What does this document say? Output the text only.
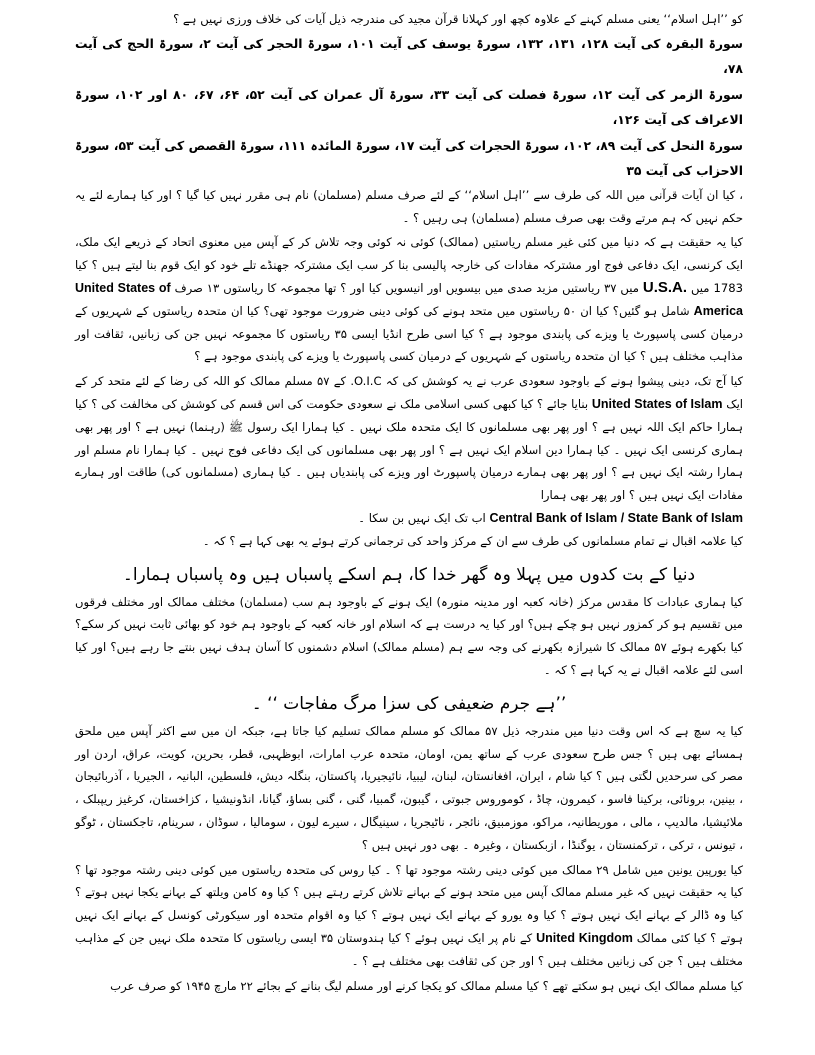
کو ’’اہل اسلام‘‘ یعنی مسلم کہنے کے علاوہ کچھ اور کہلانا قرآن مجید کی مندرجہ ذیل آیات کی خلاف ورزی نہیں ہے ؟

سورۃ البقرہ کی آیت ۱۲۸، ۱۳۱، ۱۳۲، سورۃ یوسف کی آیت ۱۰۱، سورۃ الحجر کی آیت ۲، سورۃ الحج کی آیت ۷۸،

سورۃ الزمر کی آیت ۱۲، سورۃ فصلت کی آیت ۳۳، سورۃ آل عمران کی آیت ۵۲، ۶۴، ۶۷، ۸۰ اور ۱۰۲، سورۃ الاعراف کی آیت ۱۲۶،

سورۃ النحل کی آیت ۸۹، ۱۰۲، سورۃ الحجرات کی آیت ۱۷، سورۃ المائدہ ۱۱۱، سورۃ القصص کی آیت ۵۳، سورۃ الاحزاب کی آیت ۳۵

، کیا ان آیات قرآنی میں اللہ کی طرف سے ’’اہل اسلام‘‘ کے لئے صرف مسلم (مسلمان) نام ہی مقرر نہیں کیا گیا ؟ اور کیا ہمارے لئے یہ حکم نہیں کہ ہم مرتے وقت بھی صرف مسلم (مسلمان) ہی رہیں ؟ ۔

کیا یہ حقیقت ہے کہ دنیا میں کئی غیر مسلم ریاستیں (ممالک) کوئی نہ کوئی وجہ تلاش کر کے آپس میں معنوی اتحاد کے ذریعے ایک ملک، ایک کرنسی، ایک دفاعی فوج اور مشترکہ مفادات کی خارجہ پالیسی بنا کر سب ایک مشترکہ جھنڈے تلے خود کو ایک قوم بنا لیتے ہیں ؟ کیا 1783 میں U.S.A. میں ۳۷ ریاستیں مزید صدی میں بیسویں اور انیسویں کیا اور ؟ تھا مجموعہ کا ریاستوں ۱۳ صرف United States of America شامل ہو گئیں؟ کیا ان ۵۰ ریاستوں میں متحد ہونے کی کوئی دینی ضرورت موجود تھی؟ کیا ان متحدہ ریاستوں کے شہریوں کے درمیان کسی پاسپورٹ یا ویزے کی پابندی موجود ہے ؟ کیا اسی طرح انڈیا ایسی ۳۵ ریاستوں کا مجموعہ نہیں جن کی زبانیں، ثقافت اور مذاہب مختلف ہیں ؟ کیا ان متحدہ ریاستوں کے شہریوں کے درمیان کسی پاسپورٹ یا ویزے کی پابندی موجود ہے ؟

کیا آج تک، دینی پیشوا ہونے کے باوجود سعودی عرب نے یہ کوشش کی کہ O.I.C. کے ۵۷ مسلم ممالک کو اللہ کی رضا کے لئے متحد کر کے ایک United States of Islam بنایا جائے ؟ کیا کبھی کسی اسلامی ملک نے سعودی حکومت کی اس قسم کی کوشش کی مخالفت کی ؟ کیا ہمارا حاکم ایک اللہ نہیں ہے ؟ اور پھر بھی مسلمانوں کا ایک متحدہ ملک نہیں ۔ کیا ہمارا ایک رسول ﷺ (رہنما) نہیں ہے ؟ اور پھر بھی ہماری کرنسی ایک نہیں ۔ کیا ہمارا دین اسلام ایک نہیں ہے ؟ اور پھر بھی مسلمانوں کی ایک دفاعی فوج نہیں ۔ کیا ہمارا نام مسلم اور ہمارا رشتہ ایک نہیں ہے ؟ اور پھر بھی ہمارے درمیان پاسپورٹ اور ویزے کی پابندیاں ہیں ۔ کیا ہماری (مسلمانوں کی) طاقت اور ہمارے مفادات ایک نہیں ہیں ؟ اور پھر بھی ہمارا

Central Bank of Islam / State Bank of Islam اب تک ایک نہیں بن سکا ۔

کیا علامہ اقبال نے تمام مسلمانوں کی طرف سے ان کے مرکز واحد کی ترجمانی کرتے ہوئے یہ بھی کہا ہے ؟ کہ ۔

دنیا کے بت کدوں میں پہلا وہ گھر خدا کا، ہم اسکے پاسباں ہیں وہ پاسباں ہمارا۔

کیا ہماری عبادات کا مقدس مرکز (خانہ کعبہ اور مدینہ منورہ) ایک ہونے کے باوجود ہم سب (مسلمان) مختلف ممالک اور مختلف فرقوں میں تقسیم ہو کر کمزور نہیں ہو چکے ہیں؟ اور کیا یہ درست ہے کہ اسلام اور خانہ کعبہ کے باوجود ہم خود کو بھائی ثابت نہیں کر سکے؟ کیا بکھرے ہوئے ۵۷ ممالک کا شیرازہ بکھرنے کی وجہ سے ہم (مسلم ممالک) اسلام دشمنوں کا آسان ہدف نہیں بنتے جا رہے ہیں؟ اور کیا اسی لئے علامہ اقبال نے یہ کہا ہے ؟ کہ ۔

’’ہے جرم ضعیفی کی سزا مرگ مفاجات ‘‘ ۔

کیا یہ سچ ہے کہ اس وقت دنیا میں مندرجہ ذیل ۵۷ ممالک کو مسلم ممالک تسلیم کیا جاتا ہے، جبکہ ان میں سے اکثر آپس میں ملحق ہمسائے بھی ہیں ؟ جس طرح سعودی عرب کے ساتھ یمن، اومان، متحدہ عرب امارات، ابوظہبی، قطر، بحرین، کویت، عراق، اردن اور مصر کی سرحدیں لگتی ہیں ؟ کیا شام ، ایران، افغانستان، لبنان، لیبیا، نائیجیریا، پاکستان، بنگلہ دیش، فلسطین، البانیہ ، الجیریا ، آذربائیجان ، بینین، برونائی، برکینا فاسو ، کیمرون، چاڈ ، کوموروس جبوتی ، گیبون، گمبیا، گنی ، گنی بساؤ، گیانا، انڈونیشیا ، کزاخستان، کرغیز ریپبلک ، ملائیشیا، مالدیپ ، مالی ، موریطانیہ، مراکو، موزمبیق، نائجر ، ناٹیجریا ، سینیگال ، سیرے لیون ، سومالیا ، سوڈان ، سرینام، تاجکستان ، ٹوگو ، تیونس ، ترکی ، ترکمنستان ، یوگنڈا ، ازبکستان ، وغیرہ ۔ بھی دور نہیں ہیں ؟

کیا یورپین یونین میں شامل ۲۹ ممالک میں کوئی دینی رشتہ موجود تھا ؟ ۔ کیا روس کی متحدہ ریاستوں میں کوئی دینی رشتہ موجود تھا ؟ کیا یہ حقیقت نہیں کہ غیر مسلم ممالک آپس میں متحد ہونے کے بہانے تلاش کرتے رہتے ہیں ؟ کیا وہ کامن ویلتھ کے بہانے یکجا نہیں ہوتے ؟ کیا وہ ڈالر کے بہانے ایک نہیں ہوتے ؟ کیا وہ یورو کے بہانے ایک نہیں ہوتے ؟ کیا وہ اقوام متحدہ اور سیکورٹی کونسل کے بہانے ایک نہیں ہوتے ؟ کیا کئی ممالک United Kingdom کے نام پر ایک نہیں ہوئے ؟ کیا ہندوستان ۳۵ ایسی ریاستوں کا متحدہ ملک نہیں جن کے مذاہب مختلف ہیں ؟ جن کی زبانیں مختلف ہیں ؟ اور جن کی ثقافت بھی مختلف ہے ؟ ۔

کیا مسلم ممالک ایک نہیں ہو سکتے تھے ؟ کیا مسلم ممالک کو یکجا کرنے اور مسلم لیگ بنانے کے بجائے ۲۲ مارچ ۱۹۴۵ کو صرف عرب
